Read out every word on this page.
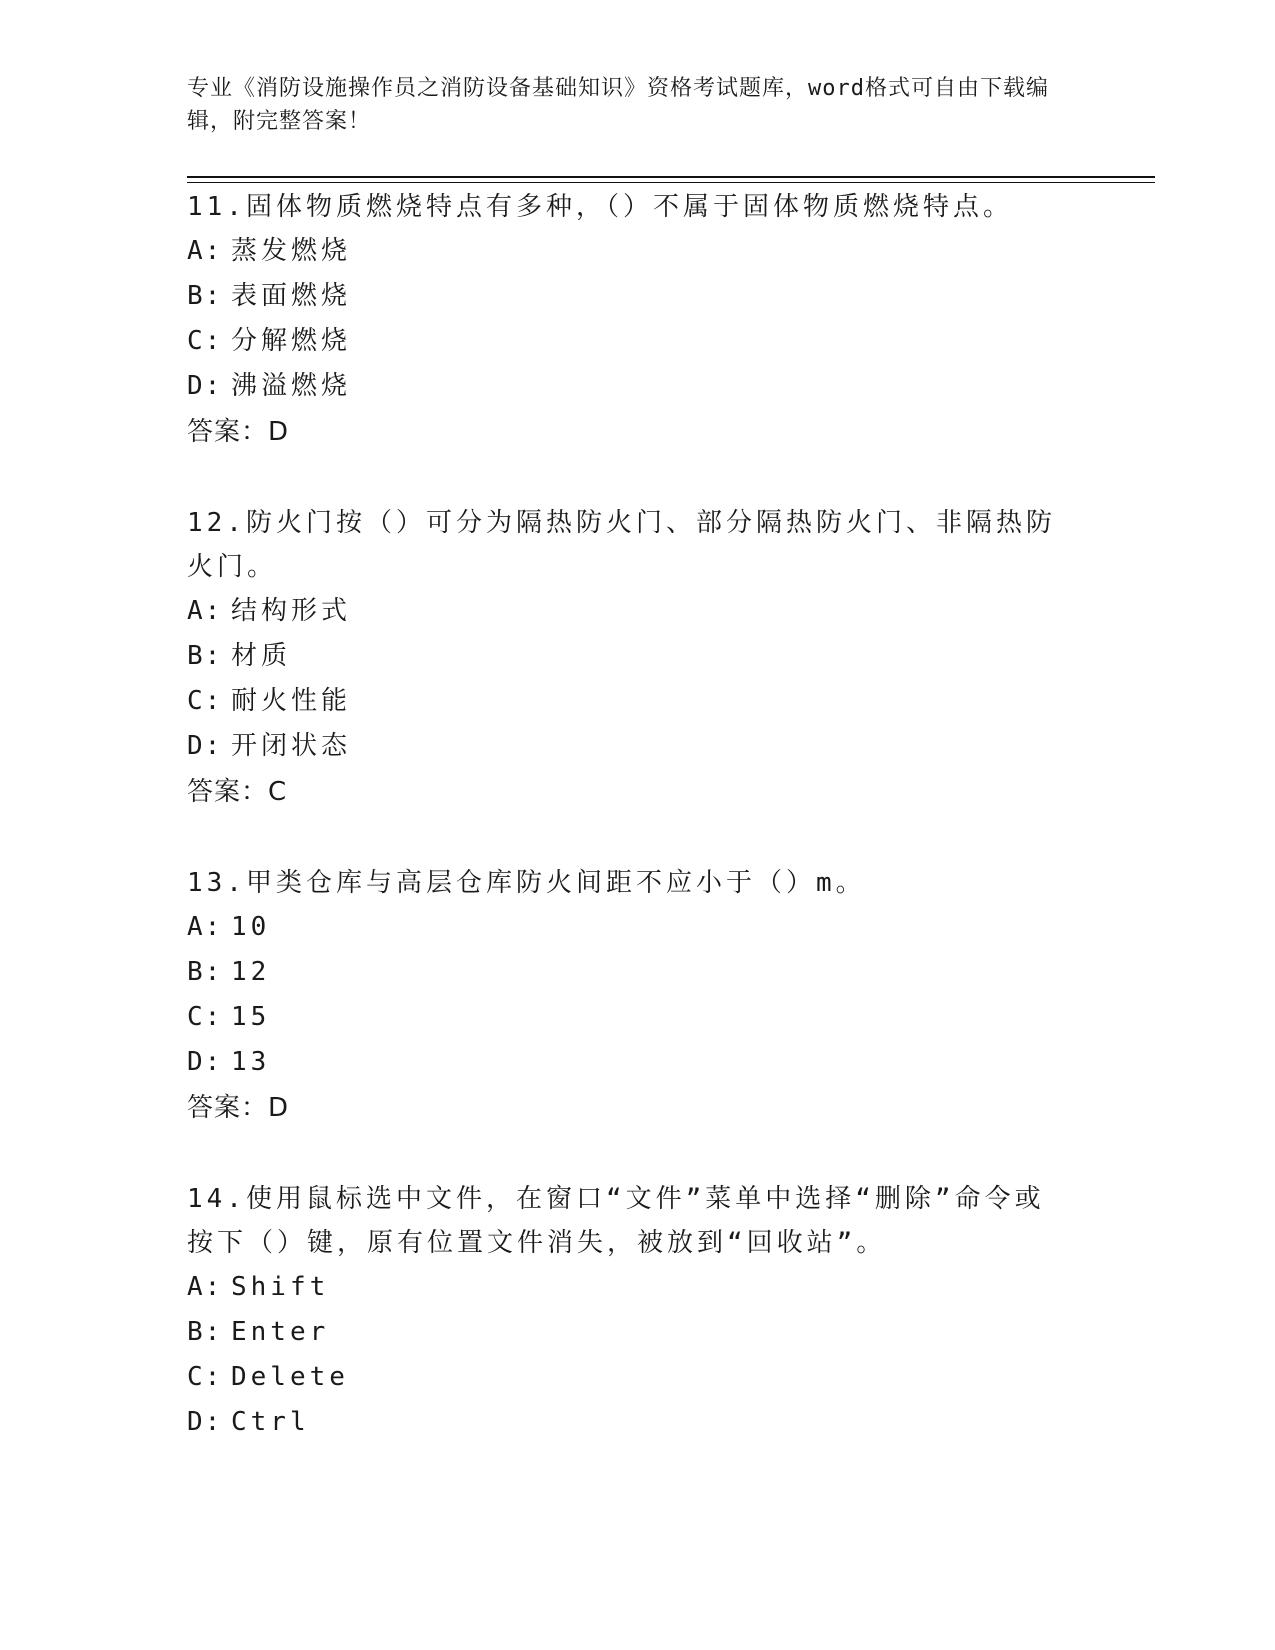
专业《消防设施操作员之消防设备基础知识》资格考试题库，word格式可自由下载编辑，附完整答案！

11.固体物质燃烧特点有多种，（）不属于固体物质燃烧特点。

A: 蒸发燃烧
B: 表面燃烧
C: 分解燃烧
D: 沸溢燃烧
答案：D

12.防火门按（）可分为隔热防火门、部分隔热防火门、非隔热防火门。

A: 结构形式
B: 材质
C: 耐火性能
D: 开闭状态
答案：C

13.甲类仓库与高层仓库防火间距不应小于（）m。

A: 10
B: 12
C: 15
D: 13
答案：D

14.使用鼠标选中文件，在窗口“文件”菜单中选择“删除”命令或按下（）键，原有位置文件消失，被放到“回收站”。

A: Shift
B: Enter
C: Delete
D: Ctrl
